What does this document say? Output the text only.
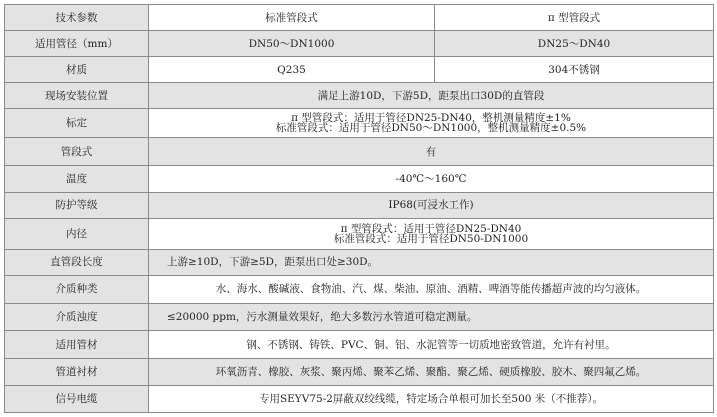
技术参数	标准管段式	π 型管段式
适用管径（mm）	DN50～DN1000	DN25～DN40
材质	Q235	304不锈钢
现场安装位置	满足上游10D，下游5D，距泵出口30D的直管段	
标定	π 型管段式：适用于管径DN25-DN40，整机测量精度±1%
标准管段式：适用于管径DN50～DN1000，整机测量精度±0.5%	

管段式	有	
温度	-40℃～160℃	
防护等级	IP68(可浸水工作)	
内径	π 型管段式：适用于管径DN25-DN40
标准管段式：适用于管径DN50-DN1000	

直管段长度	上游≥10D，下游≥5D，距泵出口处≥30D。	
介质种类	水、海水、酸碱液、食物油、汽、煤、柴油、原油、酒精、啤酒等能传播超声波的均匀液体。	
介质浊度	≤20000 ppm，污水测量效果好，绝大多数污水管道可稳定测量。	
适用管材	钢、不锈钢、铸铁、PVC、铜、铝、水泥管等一切质地密致管道，允许有衬里。	
管道衬材	环氧沥青、橡胶、灰浆、聚丙烯、聚苯乙烯、聚酯、聚乙烯、硬质橡胶、胶木、聚四氟乙烯。	
信号电缆	专用SEYV75-2屏蔽双绞线缆，特定场合单根可加长至500 米（不推荐）。	
